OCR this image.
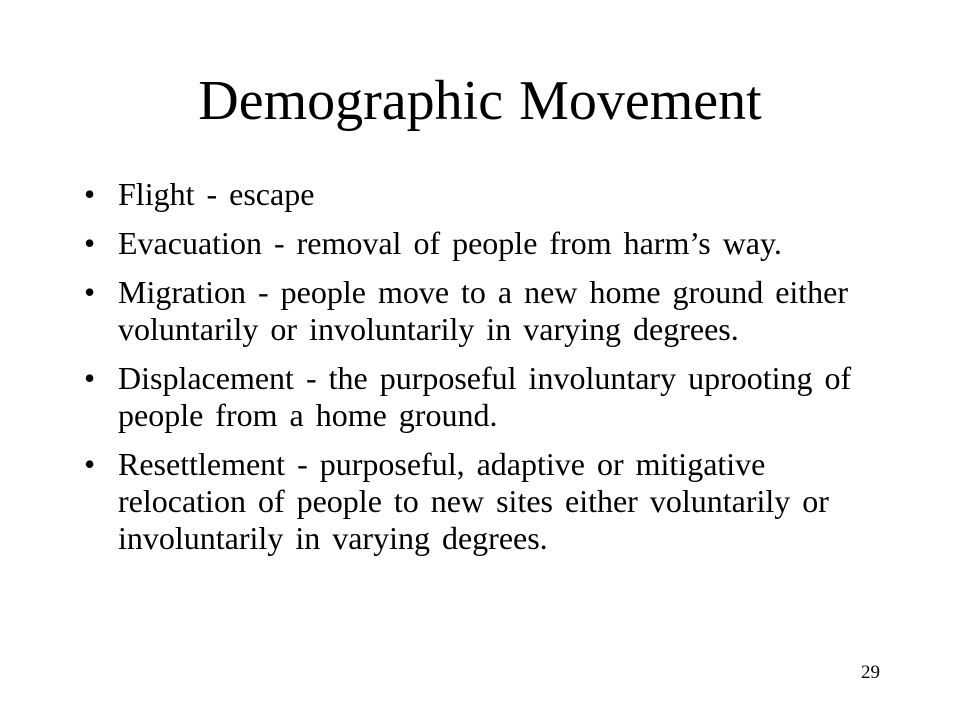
Demographic Movement
• Flight - escape
• Evacuation - removal of people from harm’s way.
• Migration - people move to a new home ground either voluntarily or involuntarily in varying degrees.
• Displacement - the purposeful involuntary uprooting of people from a home ground.
• Resettlement - purposeful, adaptive or mitigative relocation of people to new sites either voluntarily or involuntarily in varying degrees.
29
